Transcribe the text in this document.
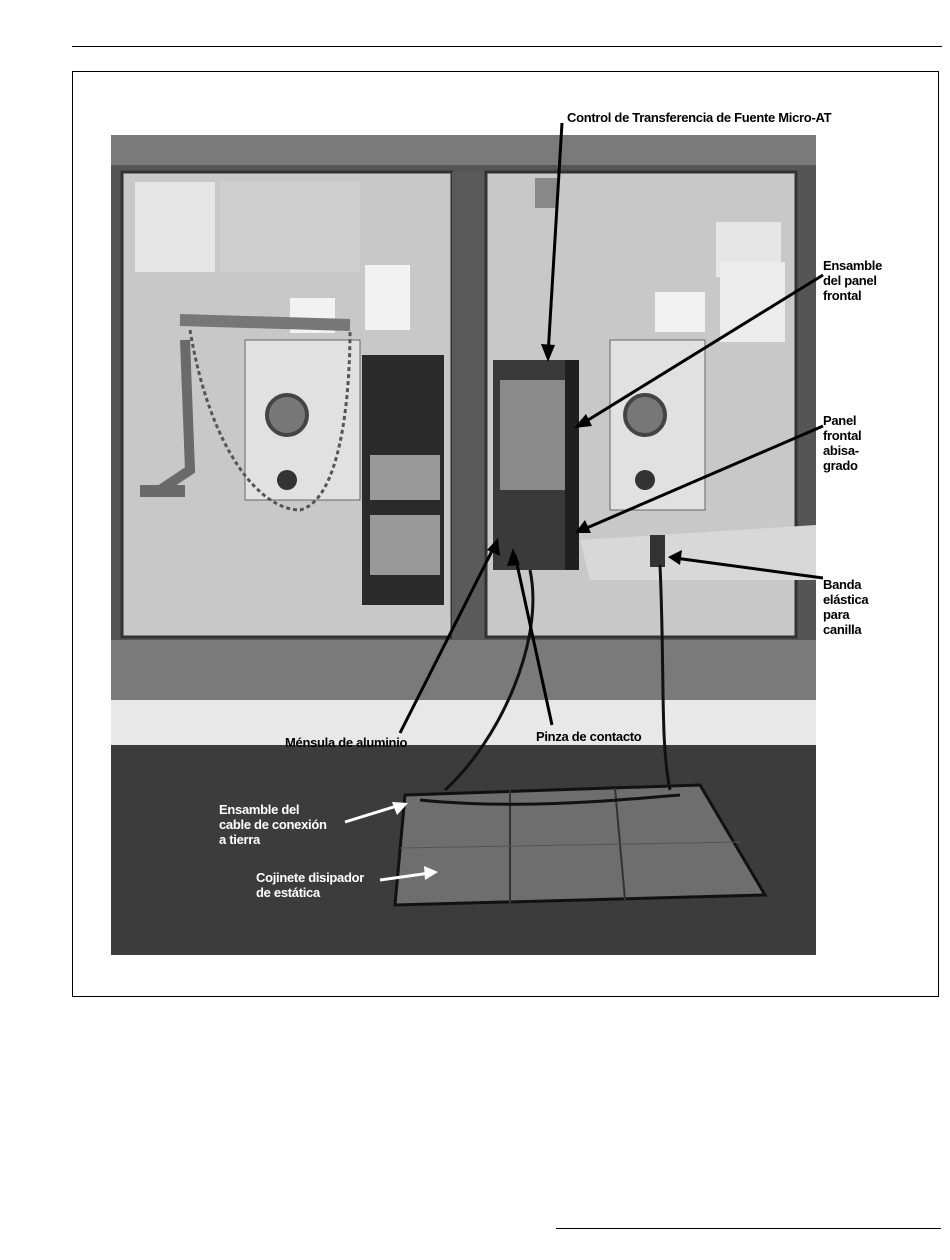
Control de Transferencia de Fuente Micro-AT
Ensamble
del panel
frontal
Panel
frontal
abisa-
grado
Banda
elástica
para
canilla
Ménsula de aluminio	Pinza de contacto
Ensamble del
cable de conexión
a tierra
Cojinete disipador
de estática
